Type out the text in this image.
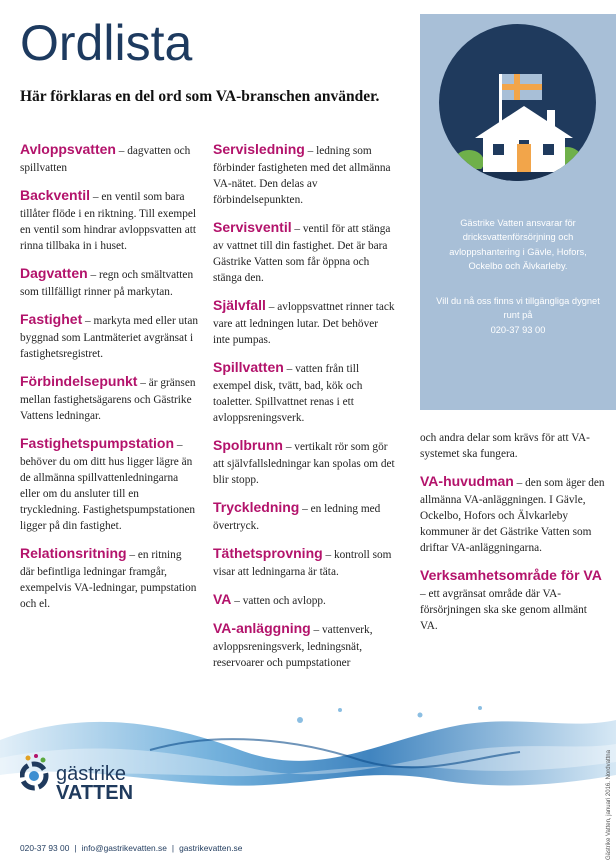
Ordlista

Här förklaras en del ord som VA-branschen använder.

Avloppsvatten – dagvatten och spillvatten

Backventil – en ventil som bara tillåter flöde i en riktning. Till exempel en ventil som hindrar avloppsvatten att rinna tillbaka in i huset.

Dagvatten – regn och smältvatten som tillfälligt rinner på markytan.

Fastighet – markyta med eller utan byggnad som Lantmäteriet avgränsat i fastighetsregistret.

Förbindelsepunkt – är gränsen mellan fastighetsägarens och Gästrike Vattens ledningar.

Fastighetspumpstation – behöver du om ditt hus ligger lägre än de allmänna spillvattenledningarna eller om du ansluter till en tryckledning. Fastighetspumpstationen ligger på din fastighet.

Relationsritning – en ritning där befintliga ledningar framgår, exempelvis VA-ledningar, pumpstation och el.

Servisledning – ledning som förbinder fastigheten med det allmänna VA-nätet. Den delas av förbindelsepunkten.

Servisventil – ventil för att stänga av vattnet till din fastighet. Det är bara Gästrike Vatten som får öppna och stänga den.

Självfall – avloppsvattnet rinner tack vare att ledningen lutar. Det behöver inte pumpas.

Spillvatten – vatten från till exempel disk, tvätt, bad, kök och toaletter. Spillvattnet renas i ett avloppsreningsverk.

Spolbrunn – vertikalt rör som gör att självfallsledningar kan spolas om det blir stopp.

Tryckledning – en ledning med övertryck.

Täthetsprovning – kontroll som visar att ledningarna är täta.

VA – vatten och avlopp.

VA-anläggning – vattenverk, avloppsreningsverk, ledningsnät, reservoarer och pumpstationer

och andra delar som krävs för att VA-systemet ska fungera.

VA-huvudman – den som äger den allmänna VA-anläggningen. I Gävle, Ockelbo, Hofors och Älvkarleby kommuner är det Gästrike Vatten som driftar VA-anläggningarna.

Verksamhetsområde för VA – ett avgränsat område där VA-försörjningen ska ske genom allmänt VA.

Gästrike Vatten ansvarar för dricksvattenförsörjning och avloppshantering i Gävle, Hofors, Ockelbo och Älvkarleby.

Vill du nå oss finns vi tillgängliga dygnet runt på
020-37 93 00

gästrike
VATTEN

020-37 93 00 | info@gastrikevatten.se | gastrikevatten.se	Gästrike Vatten, januari 2016. Nordvattna
